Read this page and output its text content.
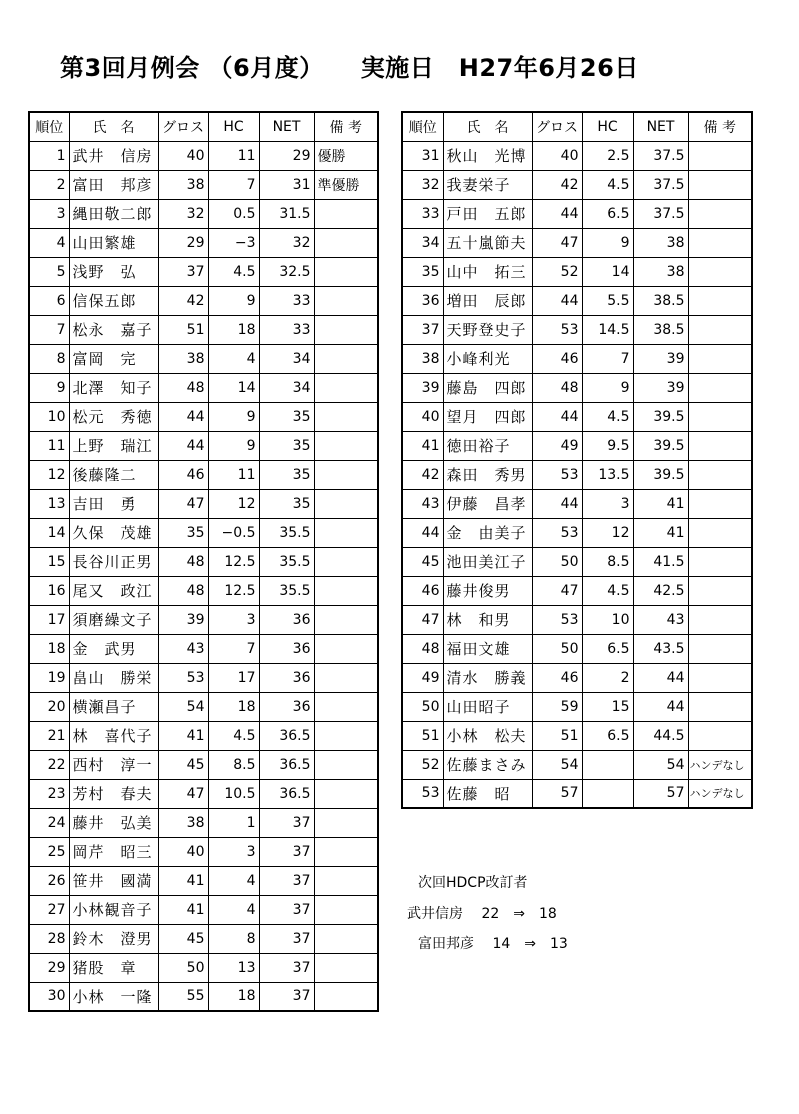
第3回月例会 （6月度）　　実施日　H27年6月26日
順位	氏　名	グロス	HC	NET	備 考
1	武井　信房	40	11	29	優勝
2	富田　邦彦	38	7	31	準優勝
3	縄田敬二郎	32	0.5	31.5	
4	山田繁雄	29	−3	32	
5	浅野　弘	37	4.5	32.5	
6	信保五郎	42	9	33	
7	松永　嘉子	51	18	33	
8	富岡　完	38	4	34	
9	北澤　知子	48	14	34	
10	松元　秀徳	44	9	35	
11	上野　瑞江	44	9	35	
12	後藤隆二	46	11	35	
13	吉田　勇	47	12	35	
14	久保　茂雄	35	−0.5	35.5	
15	長谷川正男	48	12.5	35.5	
16	尾又　政江	48	12.5	35.5	
17	須磨繰文子	39	3	36	
18	金　武男	43	7	36	
19	畠山　勝栄	53	17	36	
20	横瀬昌子	54	18	36	
21	林　喜代子	41	4.5	36.5	
22	西村　淳一	45	8.5	36.5	
23	芳村　春夫	47	10.5	36.5	
24	藤井　弘美	38	1	37	
25	岡芹　昭三	40	3	37	
26	笹井　國満	41	4	37	
27	小林観音子	41	4	37	
28	鈴木　澄男	45	8	37	
29	猪股　章	50	13	37	
30	小林　一隆	55	18	37	
順位	氏　名	グロス	HC	NET	備 考
31	秋山　光博	40	2.5	37.5	
32	我妻栄子	42	4.5	37.5	
33	戸田　五郎	44	6.5	37.5	
34	五十嵐節夫	47	9	38	
35	山中　拓三	52	14	38	
36	増田　辰郎	44	5.5	38.5	
37	天野登史子	53	14.5	38.5	
38	小峰利光	46	7	39	
39	藤島　四郎	48	9	39	
40	望月　四郎	44	4.5	39.5	
41	徳田裕子	49	9.5	39.5	
42	森田　秀男	53	13.5	39.5	
43	伊藤　昌孝	44	3	41	
44	金　由美子	53	12	41	
45	池田美江子	50	8.5	41.5	
46	藤井俊男	47	4.5	42.5	
47	林　和男	53	10	43	
48	福田文雄	50	6.5	43.5	
49	清水　勝義	46	2	44	
50	山田昭子	59	15	44	
51	小林　松夫	51	6.5	44.5	
52	佐藤まさみ	54		54	ハンデなし
53	佐藤　昭	57		57	ハンデなし
次回HDCP改訂者
武井信房　 22　⇒　18
富田邦彦　 14　⇒　13
